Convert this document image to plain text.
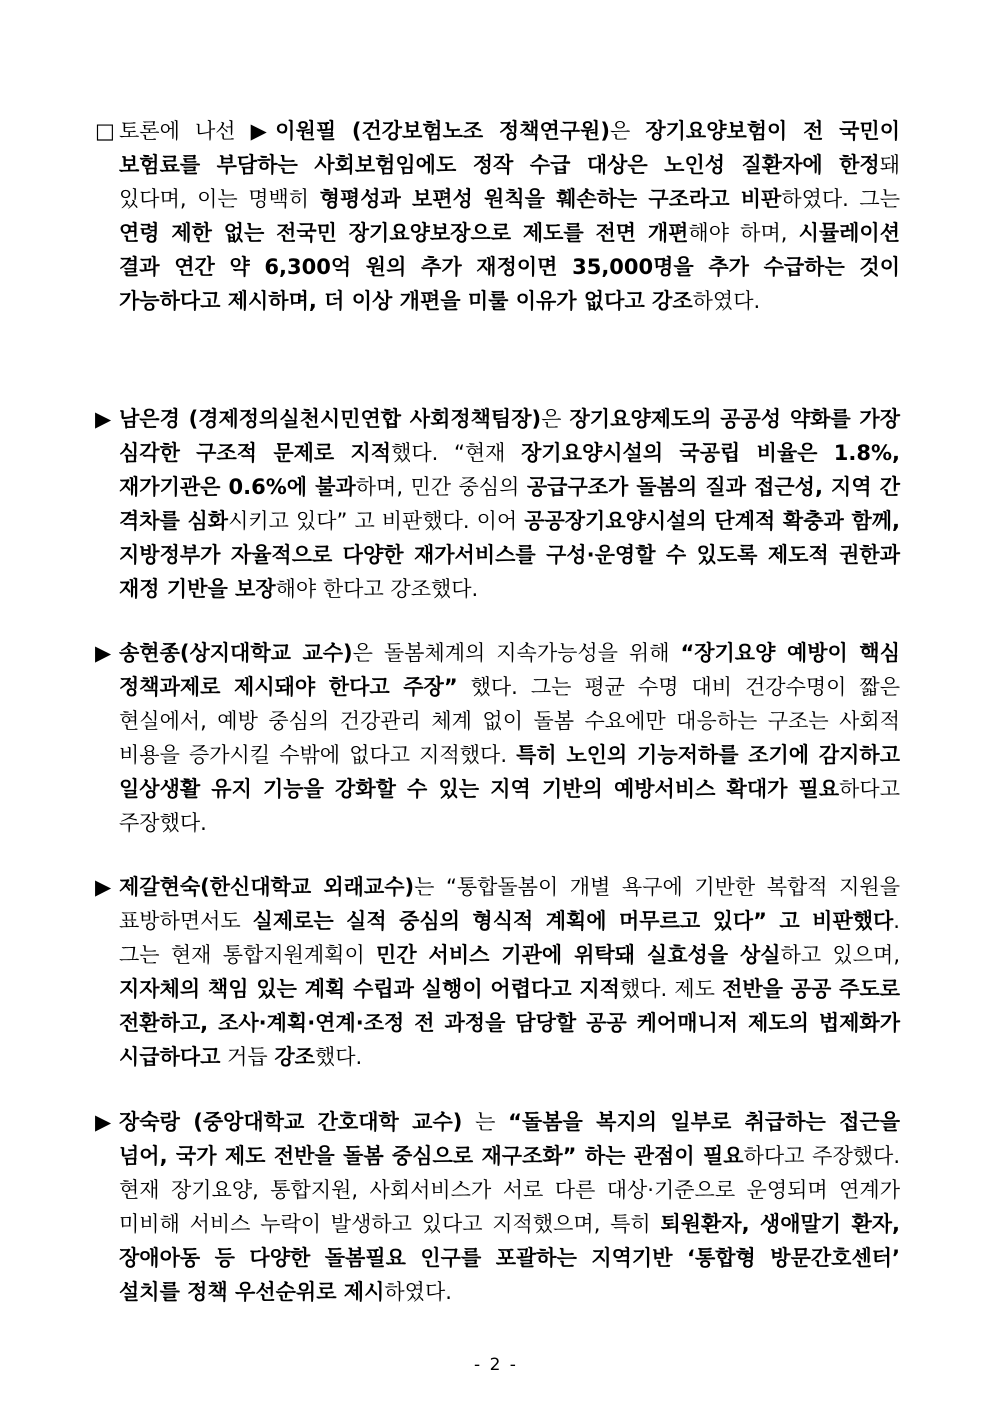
□ 토론에 나선 ▶이원필 (건강보험노조 정책연구원)은 장기요양보험이 전 국민이 보험료를 부담하는 사회보험임에도 정작 수급 대상은 노인성 질환자에 한정돼 있다며, 이는 명백히 형평성과 보편성 원칙을 훼손하는 구조라고 비판하였다. 그는 연령 제한 없는 전국민 장기요양보장으로 제도를 전면 개편해야 하며, 시뮬레이션 결과 연간 약 6,300억 원의 추가 재정이면 35,000명을 추가 수급하는 것이 가능하다고 제시하며, 더 이상 개편을 미룰 이유가 없다고 강조하였다.
▶ 남은경 (경제정의실천시민연합 사회정책팀장)은 장기요양제도의 공공성 약화를 가장 심각한 구조적 문제로 지적했다. “현재 장기요양시설의 국공립 비율은 1.8%, 재가기관은 0.6%에 불과하며, 민간 중심의 공급구조가 돌봄의 질과 접근성, 지역 간 격차를 심화시키고 있다” 고 비판했다. 이어 공공장기요양시설의 단계적 확충과 함께, 지방정부가 자율적으로 다양한 재가서비스를 구성·운영할 수 있도록 제도적 권한과 재정 기반을 보장해야 한다고 강조했다.
▶ 송현종(상지대학교 교수)은 돌봄체계의 지속가능성을 위해 “장기요양 예방이 핵심 정책과제로 제시돼야 한다고 주장” 했다. 그는 평균 수명 대비 건강수명이 짧은 현실에서, 예방 중심의 건강관리 체계 없이 돌봄 수요에만 대응하는 구조는 사회적 비용을 증가시킬 수밖에 없다고 지적했다. 특히 노인의 기능저하를 조기에 감지하고 일상생활 유지 기능을 강화할 수 있는 지역 기반의 예방서비스 확대가 필요하다고 주장했다.
▶ 제갈현숙(한신대학교 외래교수)는 “통합돌봄이 개별 욕구에 기반한 복합적 지원을 표방하면서도 실제로는 실적 중심의 형식적 계획에 머무르고 있다” 고 비판했다. 그는 현재 통합지원계획이 민간 서비스 기관에 위탁돼 실효성을 상실하고 있으며, 지자체의 책임 있는 계획 수립과 실행이 어렵다고 지적했다. 제도 전반을 공공 주도로 전환하고, 조사·계획·연계·조정 전 과정을 담당할 공공 케어매니저 제도의 법제화가 시급하다고 거듭 강조했다.
▶ 장숙랑 (중앙대학교 간호대학 교수) 는 “돌봄을 복지의 일부로 취급하는 접근을 넘어, 국가 제도 전반을 돌봄 중심으로 재구조화” 하는 관점이 필요하다고 주장했다. 현재 장기요양, 통합지원, 사회서비스가 서로 다른 대상·기준으로 운영되며 연계가 미비해 서비스 누락이 발생하고 있다고 지적했으며, 특히 퇴원환자, 생애말기 환자, 장애아동 등 다양한 돌봄필요 인구를 포괄하는 지역기반 ‘통합형 방문간호센터’ 설치를 정책 우선순위로 제시하였다.
- 2 -
